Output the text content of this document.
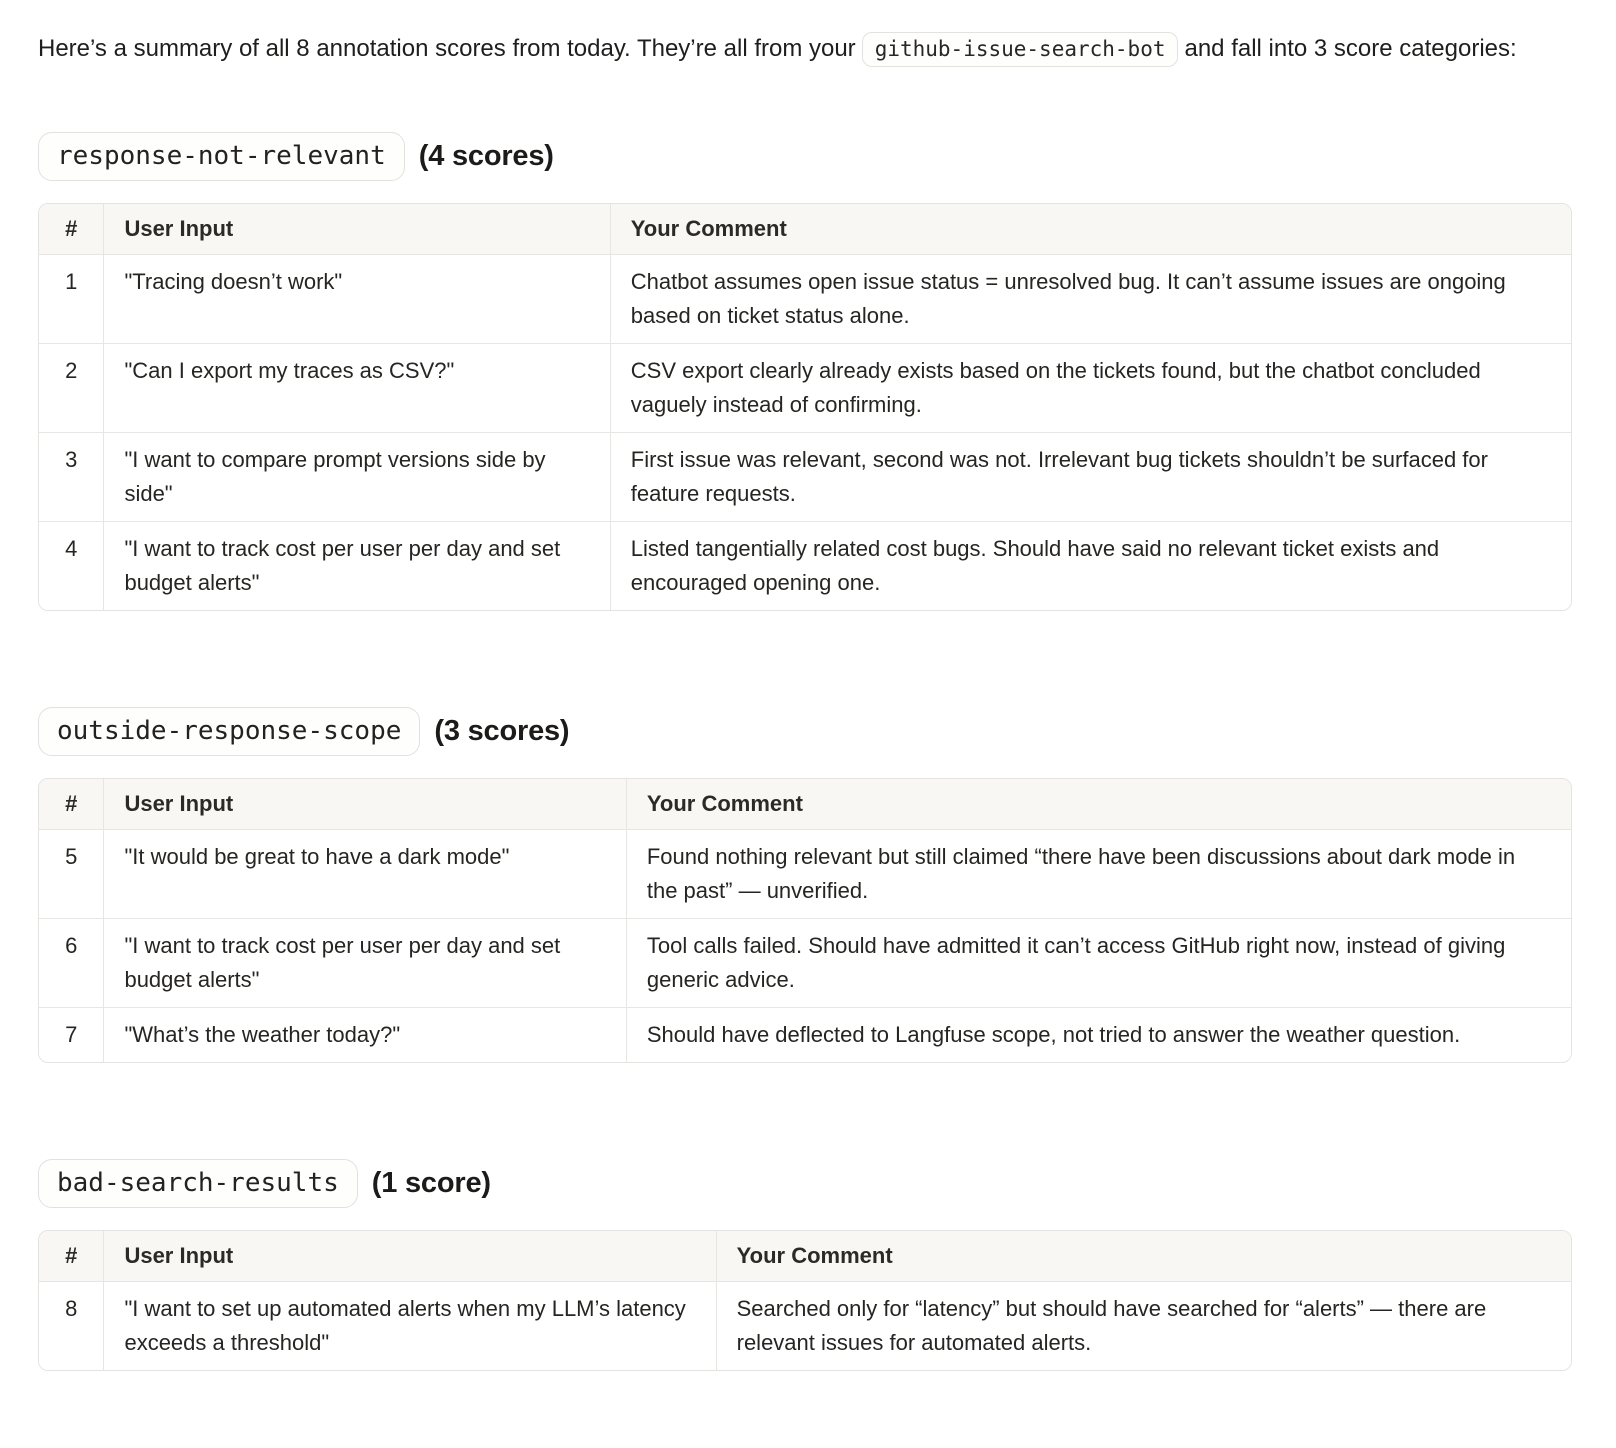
Here’s a summary of all 8 annotation scores from today. They’re all from your github-issue-search-bot and fall into 3 score categories:

response-not-relevant	(4 scores)
#	User Input	Your Comment
1	"Tracing doesn’t work"	Chatbot assumes open issue status = unresolved bug. It can’t assume issues are ongoing based on ticket status alone.
2	"Can I export my traces as CSV?"	CSV export clearly already exists based on the tickets found, but the chatbot concluded vaguely instead of confirming.
3	"I want to compare prompt versions side by side"	First issue was relevant, second was not. Irrelevant bug tickets shouldn’t be surfaced for feature requests.
4	"I want to track cost per user per day and set budget alerts"	Listed tangentially related cost bugs. Should have said no relevant ticket exists and encouraged opening one.
outside-response-scope	(3 scores)
#	User Input	Your Comment
5	"It would be great to have a dark mode"	Found nothing relevant but still claimed “there have been discussions about dark mode in the past” — unverified.
6	"I want to track cost per user per day and set budget alerts"	Tool calls failed. Should have admitted it can’t access GitHub right now, instead of giving generic advice.
7	"What’s the weather today?"	Should have deflected to Langfuse scope, not tried to answer the weather question.
bad-search-results	(1 score)
#	User Input	Your Comment
8	"I want to set up automated alerts when my LLM’s latency exceeds a threshold"	Searched only for “latency” but should have searched for “alerts” — there are relevant issues for automated alerts.
